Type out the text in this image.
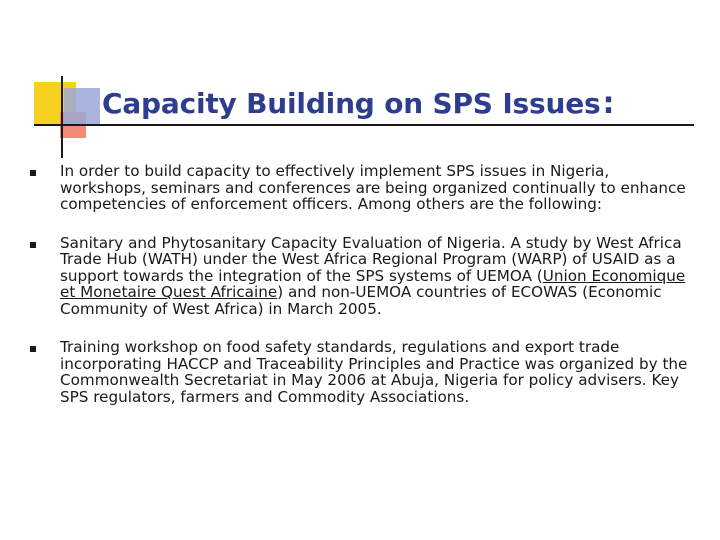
Capacity Building on SPS Issues:
In order to build capacity to effectively implement SPS issues in Nigeria, workshops, seminars and conferences are being organized continually to enhance competencies of enforcement officers. Among others are the following:
Sanitary and Phytosanitary Capacity Evaluation of Nigeria. A study by West Africa Trade Hub (WATH) under the West Africa Regional Program (WARP) of USAID as a support towards the integration of the SPS systems of UEMOA (Union Economique et Monetaire Quest Africaine) and non-UEMOA countries of ECOWAS (Economic Community of West Africa) in March 2005.
Training workshop on food safety standards, regulations and export trade incorporating HACCP and Traceability Principles and Practice was organized by the Commonwealth Secretariat in May 2006 at Abuja, Nigeria for policy advisers. Key SPS regulators, farmers and Commodity Associations.
